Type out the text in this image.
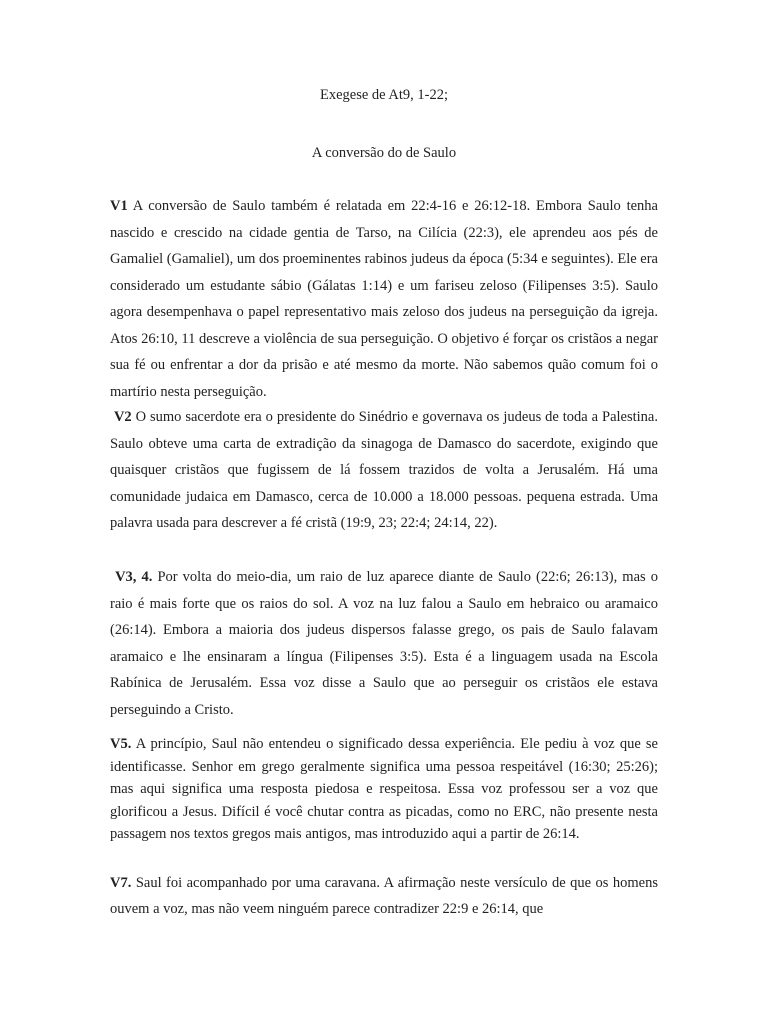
Exegese de At9, 1-22;
A conversão do de Saulo

V1 A conversão de Saulo também é relatada em 22:4-16 e 26:12-18. Embora Saulo tenha nascido e crescido na cidade gentia de Tarso, na Cilícia (22:3), ele aprendeu aos pés de Gamaliel (Gamaliel), um dos proeminentes rabinos judeus da época (5:34 e seguintes). Ele era considerado um estudante sábio (Gálatas 1:14) e um fariseu zeloso (Filipenses 3:5). Saulo agora desempenhava o papel representativo mais zeloso dos judeus na perseguição da igreja. Atos 26:10, 11 descreve a violência de sua perseguição. O objetivo é forçar os cristãos a negar sua fé ou enfrentar a dor da prisão e até mesmo da morte. Não sabemos quão comum foi o martírio nesta perseguição.

V2 O sumo sacerdote era o presidente do Sinédrio e governava os judeus de toda a Palestina. Saulo obteve uma carta de extradição da sinagoga de Damasco do sacerdote, exigindo que quaisquer cristãos que fugissem de lá fossem trazidos de volta a Jerusalém. Há uma comunidade judaica em Damasco, cerca de 10.000 a 18.000 pessoas. pequena estrada. Uma palavra usada para descrever a fé cristã (19:9, 23; 22:4; 24:14, 22).

V3, 4. Por volta do meio-dia, um raio de luz aparece diante de Saulo (22:6; 26:13), mas o raio é mais forte que os raios do sol. A voz na luz falou a Saulo em hebraico ou aramaico (26:14). Embora a maioria dos judeus dispersos falasse grego, os pais de Saulo falavam aramaico e lhe ensinaram a língua (Filipenses 3:5). Esta é a linguagem usada na Escola Rabínica de Jerusalém. Essa voz disse a Saulo que ao perseguir os cristãos ele estava perseguindo a Cristo.

V5. A princípio, Saul não entendeu o significado dessa experiência. Ele pediu à voz que se identificasse. Senhor em grego geralmente significa uma pessoa respeitável (16:30; 25:26); mas aqui significa uma resposta piedosa e respeitosa. Essa voz professou ser a voz que glorificou a Jesus. Difícil é você chutar contra as picadas, como no ERC, não presente nesta passagem nos textos gregos mais antigos, mas introduzido aqui a partir de 26:14.

V7. Saul foi acompanhado por uma caravana. A afirmação neste versículo de que os homens ouvem a voz, mas não veem ninguém parece contradizer 22:9 e 26:14, que
